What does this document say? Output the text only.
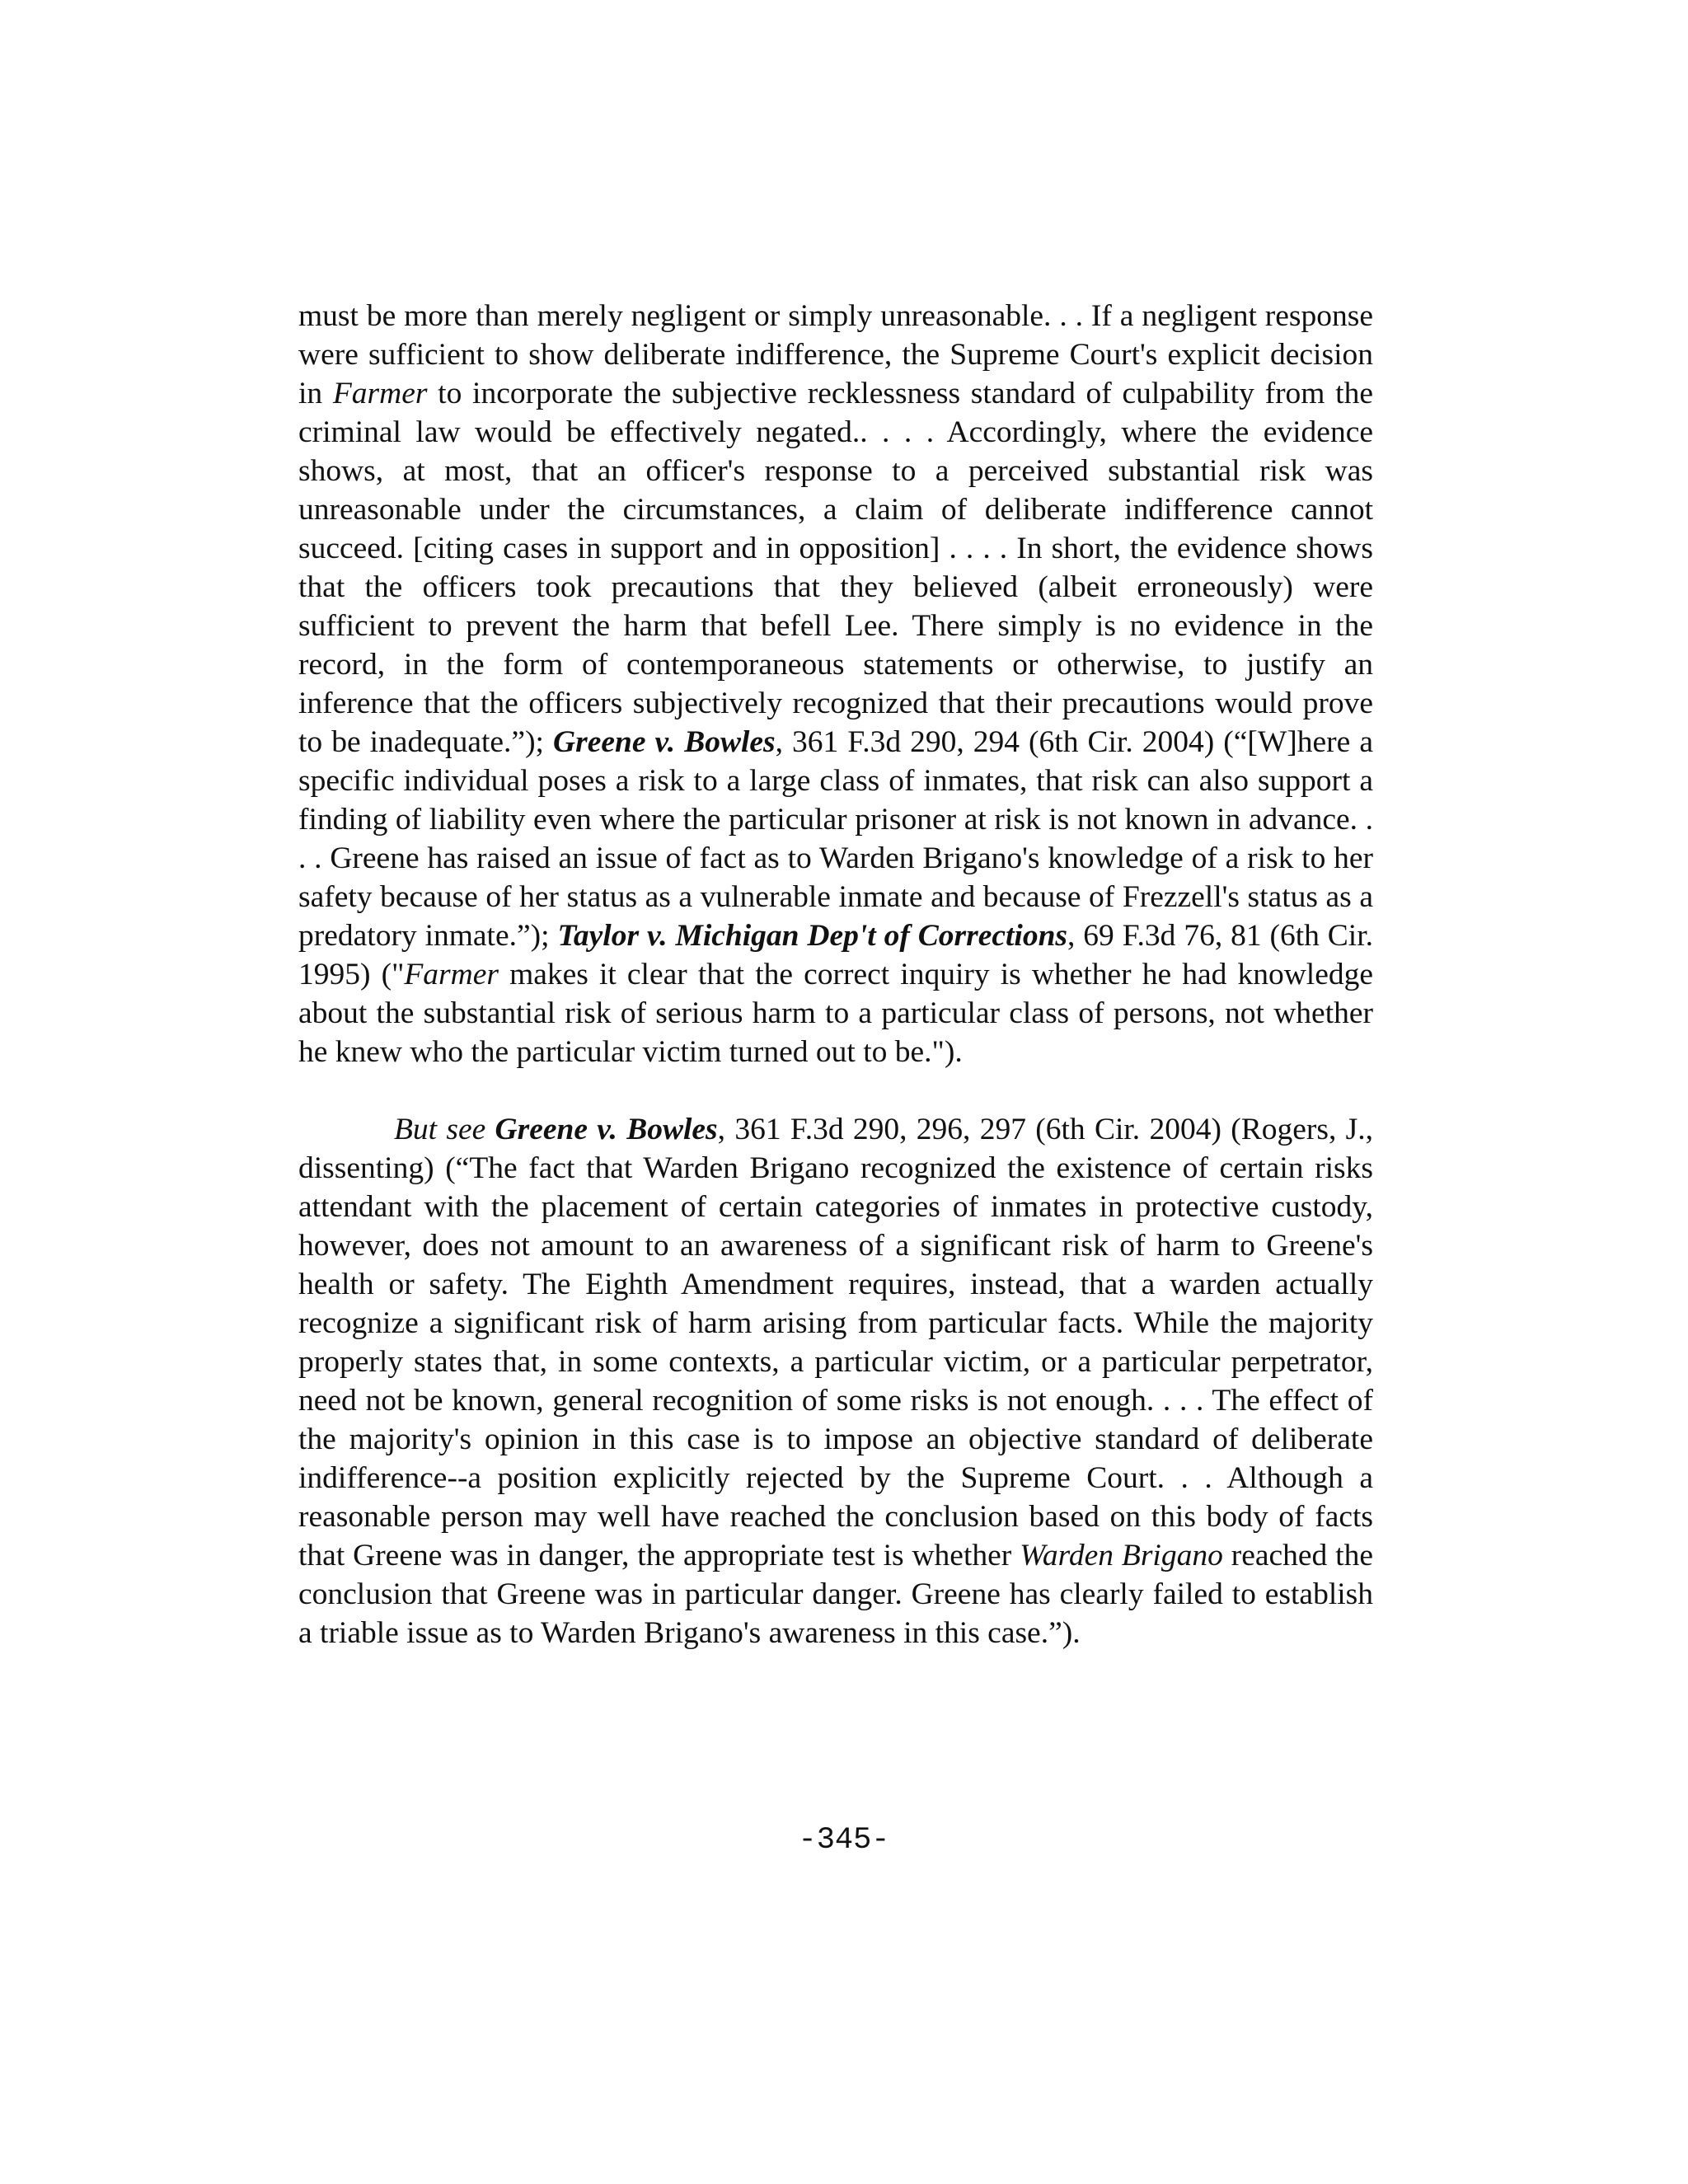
must be more than merely negligent or simply unreasonable. . . If a negligent response were sufficient to show deliberate indifference, the Supreme Court's explicit decision in Farmer to incorporate the subjective recklessness standard of culpability from the criminal law would be effectively negated.. . . . Accordingly, where the evidence shows, at most, that an officer's response to a perceived substantial risk was unreasonable under the circumstances, a claim of deliberate indifference cannot succeed. [citing cases in support and in opposition] . . . . In short, the evidence shows that the officers took precautions that they believed (albeit erroneously) were sufficient to prevent the harm that befell Lee. There simply is no evidence in the record, in the form of contemporaneous statements or otherwise, to justify an inference that the officers subjectively recognized that their precautions would prove to be inadequate.”); Greene v. Bowles, 361 F.3d 290, 294 (6th Cir. 2004) (“[W]here a specific individual poses a risk to a large class of inmates, that risk can also support a finding of liability even where the particular prisoner at risk is not known in advance. . . . Greene has raised an issue of fact as to Warden Brigano's knowledge of a risk to her safety because of her status as a vulnerable inmate and because of Frezzell's status as a predatory inmate.”); Taylor v. Michigan Dep't of Corrections, 69 F.3d 76, 81 (6th Cir. 1995) ("Farmer makes it clear that the correct inquiry is whether he had knowledge about the substantial risk of serious harm to a particular class of persons, not whether he knew who the particular victim turned out to be.").

But see Greene v. Bowles, 361 F.3d 290, 296, 297 (6th Cir. 2004) (Rogers, J., dissenting) (“The fact that Warden Brigano recognized the existence of certain risks attendant with the placement of certain categories of inmates in protective custody, however, does not amount to an awareness of a significant risk of harm to Greene's health or safety. The Eighth Amendment requires, instead, that a warden actually recognize a significant risk of harm arising from particular facts. While the majority properly states that, in some contexts, a particular victim, or a particular perpetrator, need not be known, general recognition of some risks is not enough. . . . The effect of the majority's opinion in this case is to impose an objective standard of deliberate indifference--a position explicitly rejected by the Supreme Court. . . Although a reasonable person may well have reached the conclusion based on this body of facts that Greene was in danger, the appropriate test is whether Warden Brigano reached the conclusion that Greene was in particular danger. Greene has clearly failed to establish a triable issue as to Warden Brigano's awareness in this case.”).

-345-
